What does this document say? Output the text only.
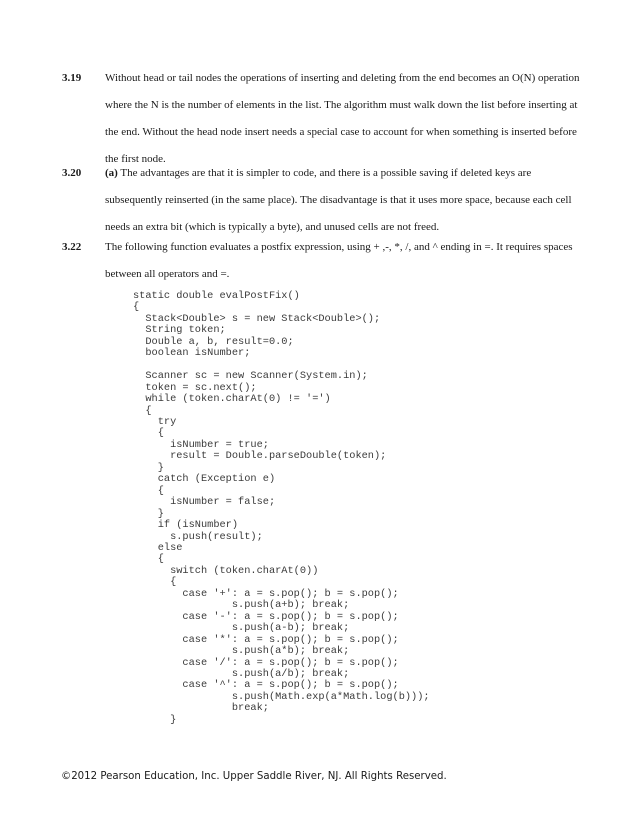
3.19 Without head or tail nodes the operations of inserting and deleting from the end becomes an O(N) operation
where the N is the number of elements in the list. The algorithm must walk down the list before inserting at
the end. Without the head node insert needs a special case to account for when something is inserted before
the first node.
3.20 (a) The advantages are that it is simpler to code, and there is a possible saving if deleted keys are
subsequently reinserted (in the same place). The disadvantage is that it uses more space, because each cell
needs an extra bit (which is typically a byte), and unused cells are not freed.
3.22 The following function evaluates a postfix expression, using + ,-, *, /, and ^ ending in =. It requires spaces
between all operators and =.
static double evalPostFix()
{
Stack<Double> s = new Stack<Double>();
String token;
Double a, b, result=0.0;
boolean isNumber;

Scanner sc = new Scanner(System.in);
token = sc.next();
while (token.charAt(0) != '=')
{
try
{
isNumber = true;
result = Double.parseDouble(token);
}
catch (Exception e)
{
isNumber = false;
}
if (isNumber)
s.push(result);
else
{
switch (token.charAt(0))
{
case '+': a = s.pop(); b = s.pop();
s.push(a+b); break;
case '-': a = s.pop(); b = s.pop();
s.push(a-b); break;
case '*': a = s.pop(); b = s.pop();
s.push(a*b); break;
case '/': a = s.pop(); b = s.pop();
s.push(a/b); break;
case '^': a = s.pop(); b = s.pop();
s.push(Math.exp(a*Math.log(b)));
break;
}
©2012 Pearson Education, Inc. Upper Saddle River, NJ. All Rights Reserved.
